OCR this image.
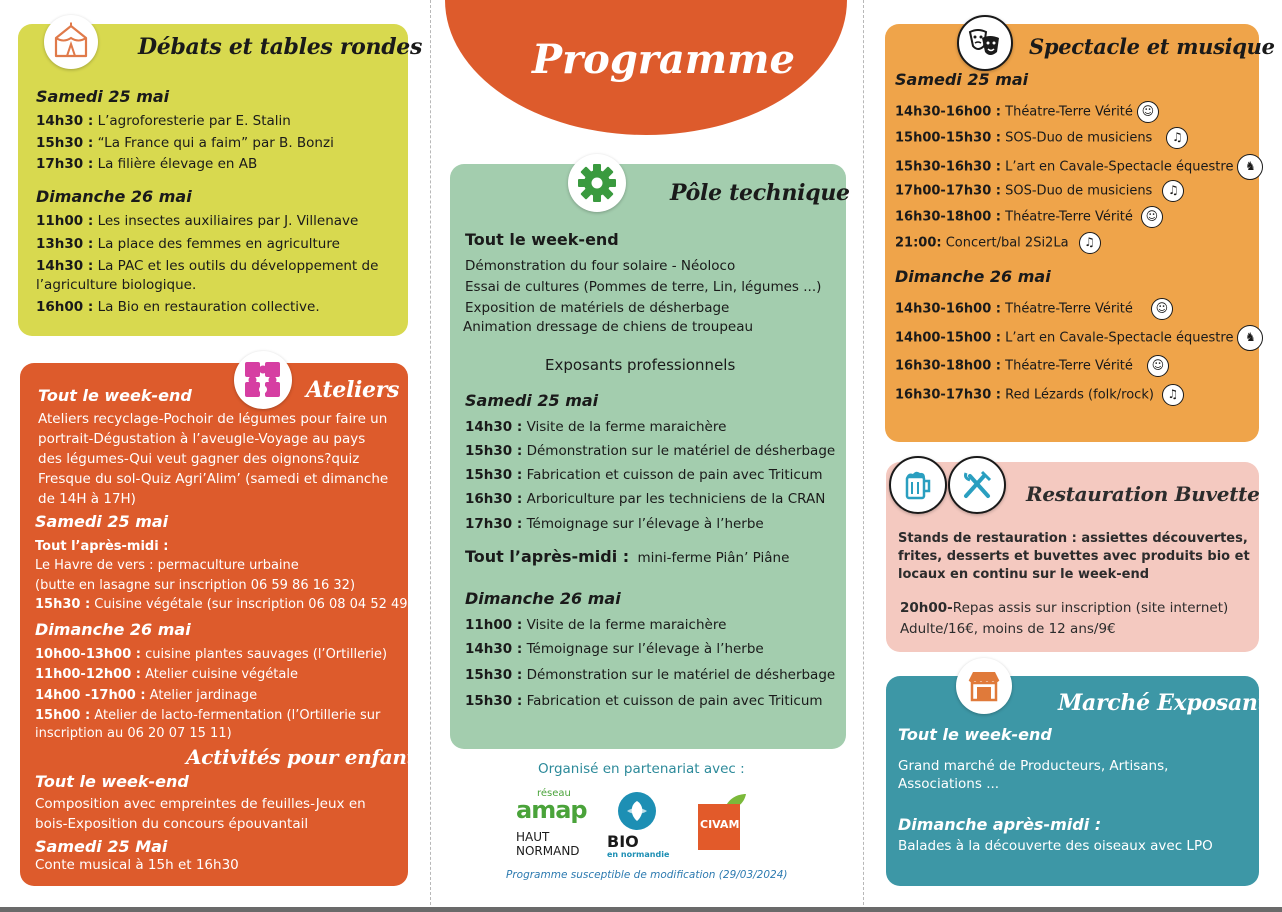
Débats et tables rondes
Samedi 25 mai
14h30 : L’agroforesterie par E. Stalin
15h30 : “La France qui a faim” par B. Bonzi
17h30 : La filière élevage en AB
Dimanche 26 mai
11h00 : Les insectes auxiliaires par J. Villenave
13h30 : La place des femmes en agriculture
14h30 : La PAC et les outils du développement de
l’agriculture biologique.
16h00 : La Bio en restauration collective.
Ateliers
Tout le week-end
Ateliers recyclage-Pochoir de légumes pour faire un
portrait-Dégustation à l’aveugle-Voyage au pays
des légumes-Qui veut gagner des oignons?quiz
Fresque du sol-Quiz Agri’Alim’ (samedi et dimanche
de 14H à 17H)
Samedi 25 mai
Tout l’après-midi :
Le Havre de vers : permaculture urbaine
(butte en lasagne sur inscription 06 59 86 16 32)
15h30 : Cuisine végétale (sur inscription 06 08 04 52 49)
Dimanche 26 mai
10h00-13h00 : cuisine plantes sauvages (l’Ortillerie)
11h00-12h00 : Atelier cuisine végétale
14h00 -17h00 : Atelier jardinage
15h00 : Atelier de lacto-fermentation (l’Ortillerie sur
inscription au 06 20 07 15 11)
Activités pour enfants
Tout le week-end
Composition avec empreintes de feuilles-Jeux en
bois-Exposition du concours épouvantail
Samedi 25 Mai
Conte musical à 15h et 16h30
Programme
Pôle technique
Tout le week-end
Démonstration du four solaire - Néoloco
Essai de cultures (Pommes de terre, Lin, légumes ...)
Exposition de matériels de désherbage
Animation dressage de chiens de troupeau
Exposants professionnels
Samedi 25 mai
14h30 : Visite de la ferme maraichère
15h30 : Démonstration sur le matériel de désherbage
15h30 : Fabrication et cuisson de pain avec Triticum
16h30 : Arboriculture par les techniciens de la CRAN
17h30 : Témoignage sur l’élevage à l’herbe
Tout l’après-midi : mini-ferme Piân’ Piâne
Dimanche 26 mai
11h00 : Visite de la ferme maraichère
14h30 : Témoignage sur l’élevage à l’herbe
15h30 : Démonstration sur le matériel de désherbage
15h30 : Fabrication et cuisson de pain avec Triticum
Organisé en partenariat avec :
réseau
amap
HAUT
NORMAND BIO
en normandie
CIVAM
Programme susceptible de modification (29/03/2024)
Spectacle et musique
Samedi 25 mai
14h30-16h00 : Théatre-Terre Vérité ☺
15h00-15h30 : SOS-Duo de musiciens ♫
15h30-16h30 : L’art en Cavale-Spectacle équestre ♞
17h00-17h30 : SOS-Duo de musiciens ♫
16h30-18h00 : Théatre-Terre Vérité ☺
21:00: Concert/bal 2Si2La ♫
Dimanche 26 mai
14h30-16h00 : Théatre-Terre Vérité ☺
14h00-15h00 : L’art en Cavale-Spectacle équestre ♞
16h30-18h00 : Théatre-Terre Vérité ☺
16h30-17h30 : Red Lézards (folk/rock) ♫
Restauration Buvette
Stands de restauration : assiettes découvertes,
frites, desserts et buvettes avec produits bio et
locaux en continu sur le week-end
20h00-Repas assis sur inscription (site internet)
Adulte/16€, moins de 12 ans/9€
Marché Exposants
Tout le week-end
Grand marché de Producteurs, Artisans,
Associations ...
Dimanche après-midi :
Balades à la découverte des oiseaux avec LPO
